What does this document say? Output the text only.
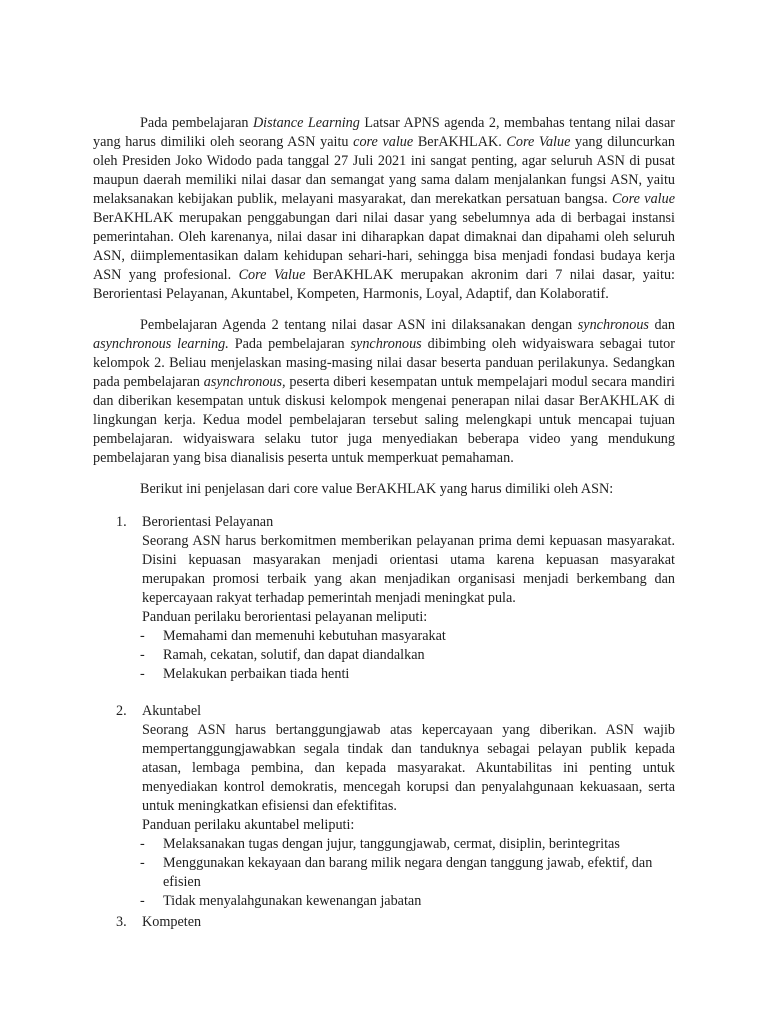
Pada pembelajaran Distance Learning Latsar APNS agenda 2, membahas tentang nilai dasar yang harus dimiliki oleh seorang ASN yaitu core value BerAKHLAK. Core Value yang diluncurkan oleh Presiden Joko Widodo pada tanggal 27 Juli 2021 ini sangat penting, agar seluruh ASN di pusat maupun daerah memiliki nilai dasar dan semangat yang sama dalam menjalankan fungsi ASN, yaitu melaksanakan kebijakan publik, melayani masyarakat, dan merekatkan persatuan bangsa. Core value BerAKHLAK merupakan penggabungan dari nilai dasar yang sebelumnya ada di berbagai instansi pemerintahan. Oleh karenanya, nilai dasar ini diharapkan dapat dimaknai dan dipahami oleh seluruh ASN, diimplementasikan dalam kehidupan sehari-hari, sehingga bisa menjadi fondasi budaya kerja ASN yang profesional. Core Value BerAKHLAK merupakan akronim dari 7 nilai dasar, yaitu: Berorientasi Pelayanan, Akuntabel, Kompeten, Harmonis, Loyal, Adaptif, dan Kolaboratif.

Pembelajaran Agenda 2 tentang nilai dasar ASN ini dilaksanakan dengan synchronous dan asynchronous learning. Pada pembelajaran synchronous dibimbing oleh widyaiswara sebagai tutor kelompok 2. Beliau menjelaskan masing-masing nilai dasar beserta panduan perilakunya. Sedangkan pada pembelajaran asynchronous, peserta diberi kesempatan untuk mempelajari modul secara mandiri dan diberikan kesempatan untuk diskusi kelompok mengenai penerapan nilai dasar BerAKHLAK di lingkungan kerja. Kedua model pembelajaran tersebut saling melengkapi untuk mencapai tujuan pembelajaran. widyaiswara selaku tutor juga menyediakan beberapa video yang mendukung pembelajaran yang bisa dianalisis peserta untuk memperkuat pemahaman.

Berikut ini penjelasan dari core value BerAKHLAK yang harus dimiliki oleh ASN:

1. Berorientasi Pelayanan
Seorang ASN harus berkomitmen memberikan pelayanan prima demi kepuasan masyarakat. Disini kepuasan masyarakan menjadi orientasi utama karena kepuasan masyarakat merupakan promosi terbaik yang akan menjadikan organisasi menjadi berkembang dan kepercayaan rakyat terhadap pemerintah menjadi meningkat pula.
Panduan perilaku berorientasi pelayanan meliputi:
- Memahami dan memenuhi kebutuhan masyarakat
- Ramah, cekatan, solutif, dan dapat diandalkan
- Melakukan perbaikan tiada henti
2. Akuntabel
Seorang ASN harus bertanggungjawab atas kepercayaan yang diberikan. ASN wajib mempertanggungjawabkan segala tindak dan tanduknya sebagai pelayan publik kepada atasan, lembaga pembina, dan kepada masyarakat. Akuntabilitas ini penting untuk menyediakan kontrol demokratis, mencegah korupsi dan penyalahgunaan kekuasaan, serta untuk meningkatkan efisiensi dan efektifitas.
Panduan perilaku akuntabel meliputi:
- Melaksanakan tugas dengan jujur, tanggungjawab, cermat, disiplin, berintegritas
- Menggunakan kekayaan dan barang milik negara dengan tanggung jawab, efektif, dan efisien
- Tidak menyalahgunakan kewenangan jabatan
3. Kompeten
